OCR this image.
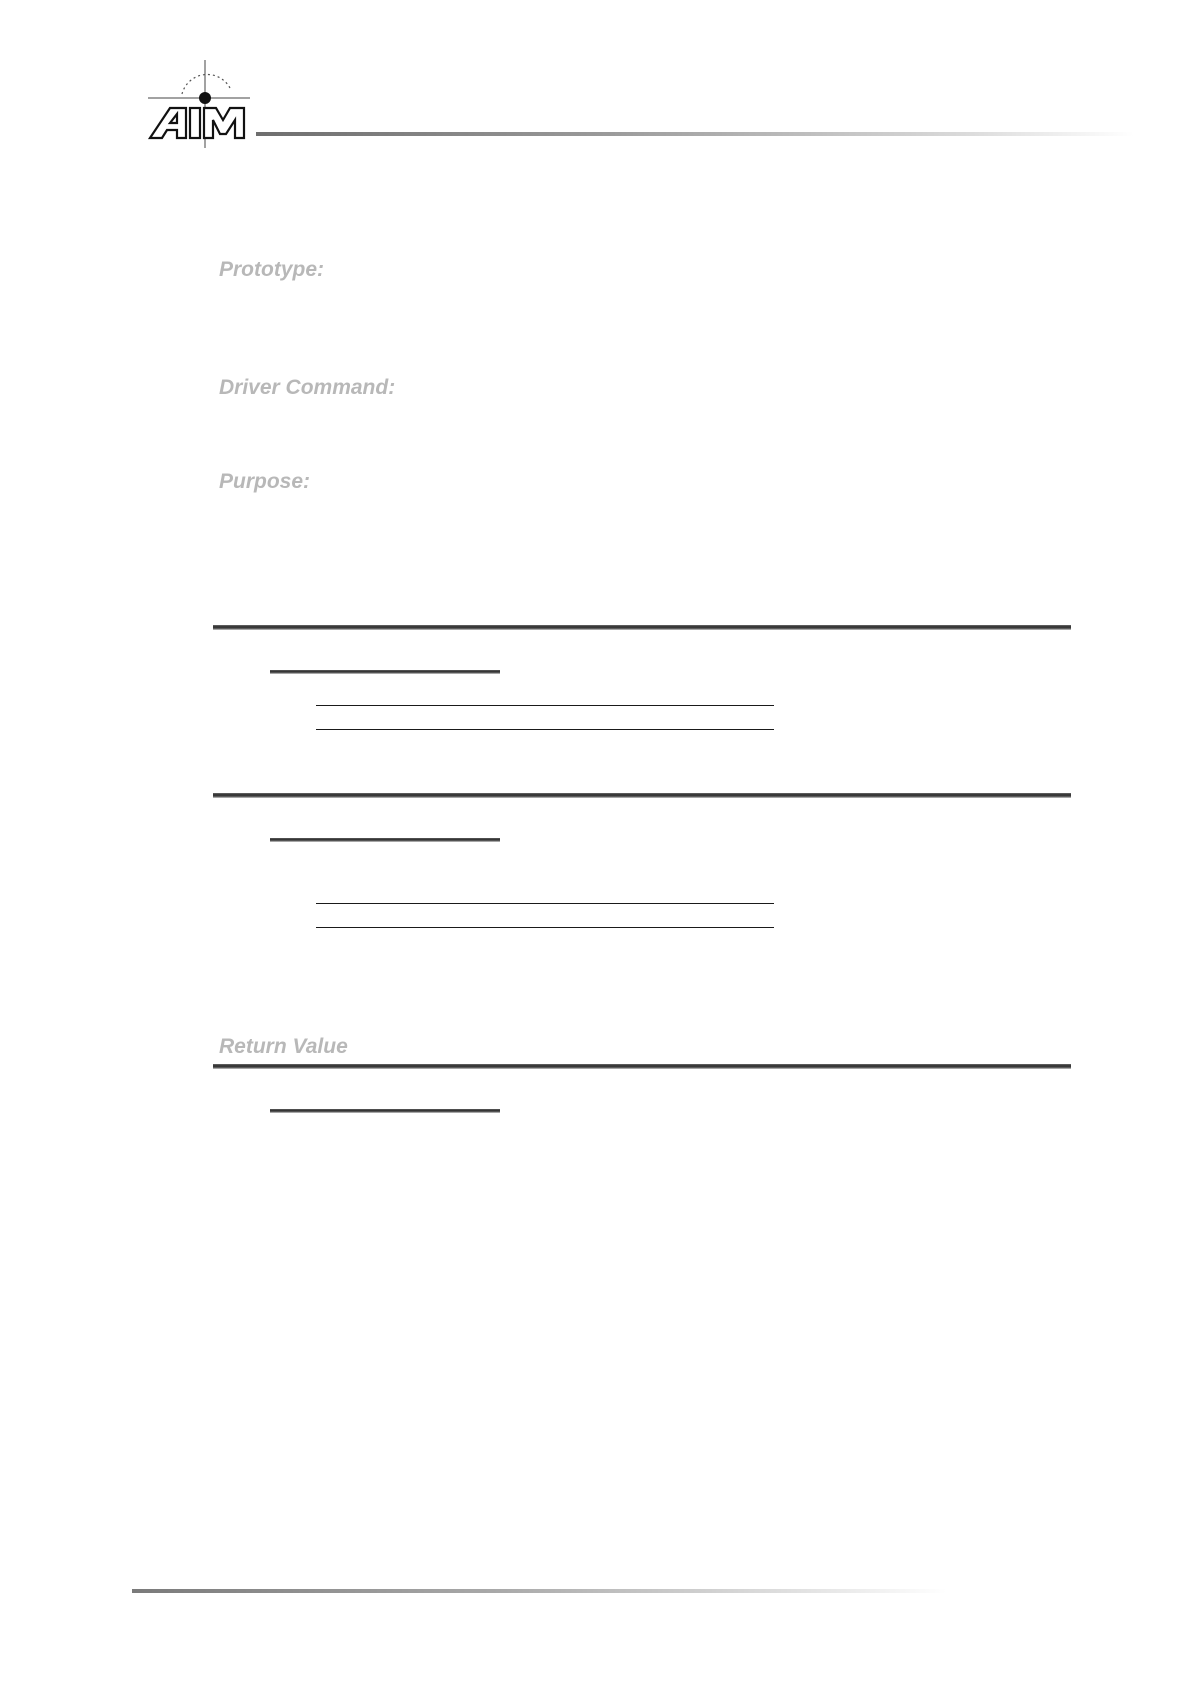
AIM
Prototype:
Driver Command:
Purpose:
Return Value
